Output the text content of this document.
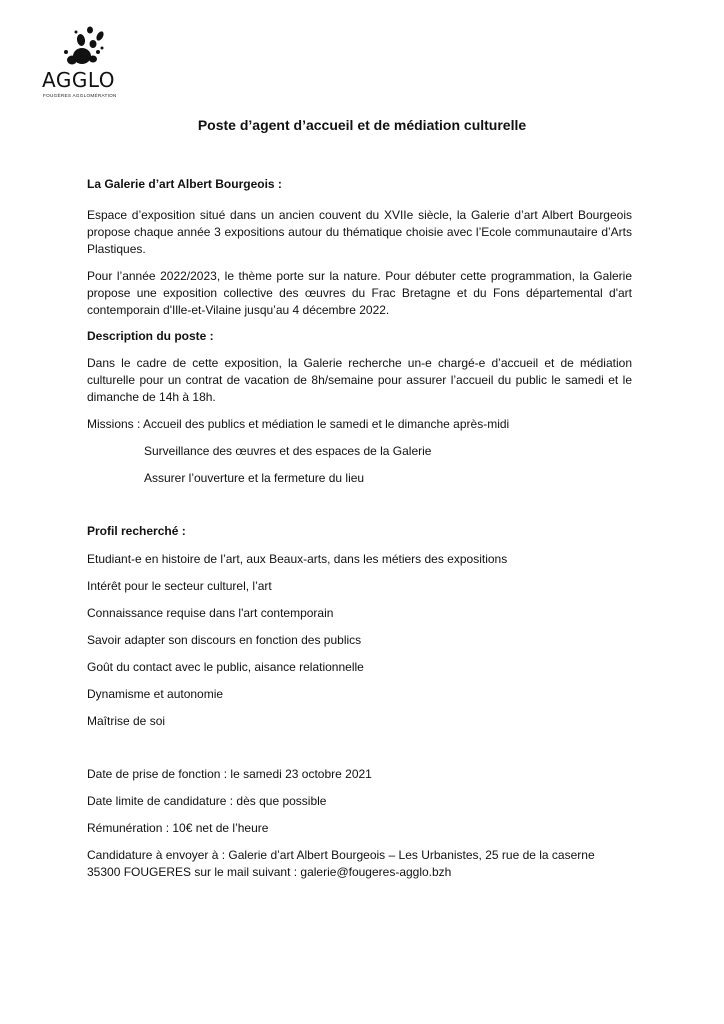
AGGLO
FOUGÈRES AGGLOMÉRATION
Poste d’agent d’accueil et de médiation culturelle

La Galerie d’art Albert Bourgeois :

Espace d’exposition situé dans un ancien couvent du XVIIe siècle, la Galerie d’art Albert Bourgeois propose chaque année 3 expositions autour du thématique choisie avec l’Ecole communautaire d’Arts Plastiques.

Pour l’année 2022/2023, le thème porte sur la nature. Pour débuter cette programmation, la Galerie propose une exposition collective des œuvres du Frac Bretagne et du Fons départemental d'art contemporain d'Ille-et-Vilaine jusqu’au 4 décembre 2022.

Description du poste :

Dans le cadre de cette exposition, la Galerie recherche un-e chargé-e d’accueil et de médiation culturelle pour un contrat de vacation de 8h/semaine pour assurer l’accueil du public le samedi et le dimanche de 14h à 18h.

Missions : Accueil des publics et médiation le samedi et le dimanche après-midi

Surveillance des œuvres et des espaces de la Galerie

Assurer l’ouverture et la fermeture du lieu

Profil recherché :

Etudiant-e en histoire de l’art, aux Beaux-arts, dans les métiers des expositions

Intérêt pour le secteur culturel, l’art

Connaissance requise dans l'art contemporain

Savoir adapter son discours en fonction des publics

Goût du contact avec le public, aisance relationnelle

Dynamisme et autonomie

Maîtrise de soi

Date de prise de fonction : le samedi 23 octobre 2021

Date limite de candidature : dès que possible

Rémunération : 10€ net de l’heure

Candidature à envoyer à : Galerie d’art Albert Bourgeois – Les Urbanistes, 25 rue de la caserne

35300 FOUGERES sur le mail suivant : galerie@fougeres-agglo.bzh
